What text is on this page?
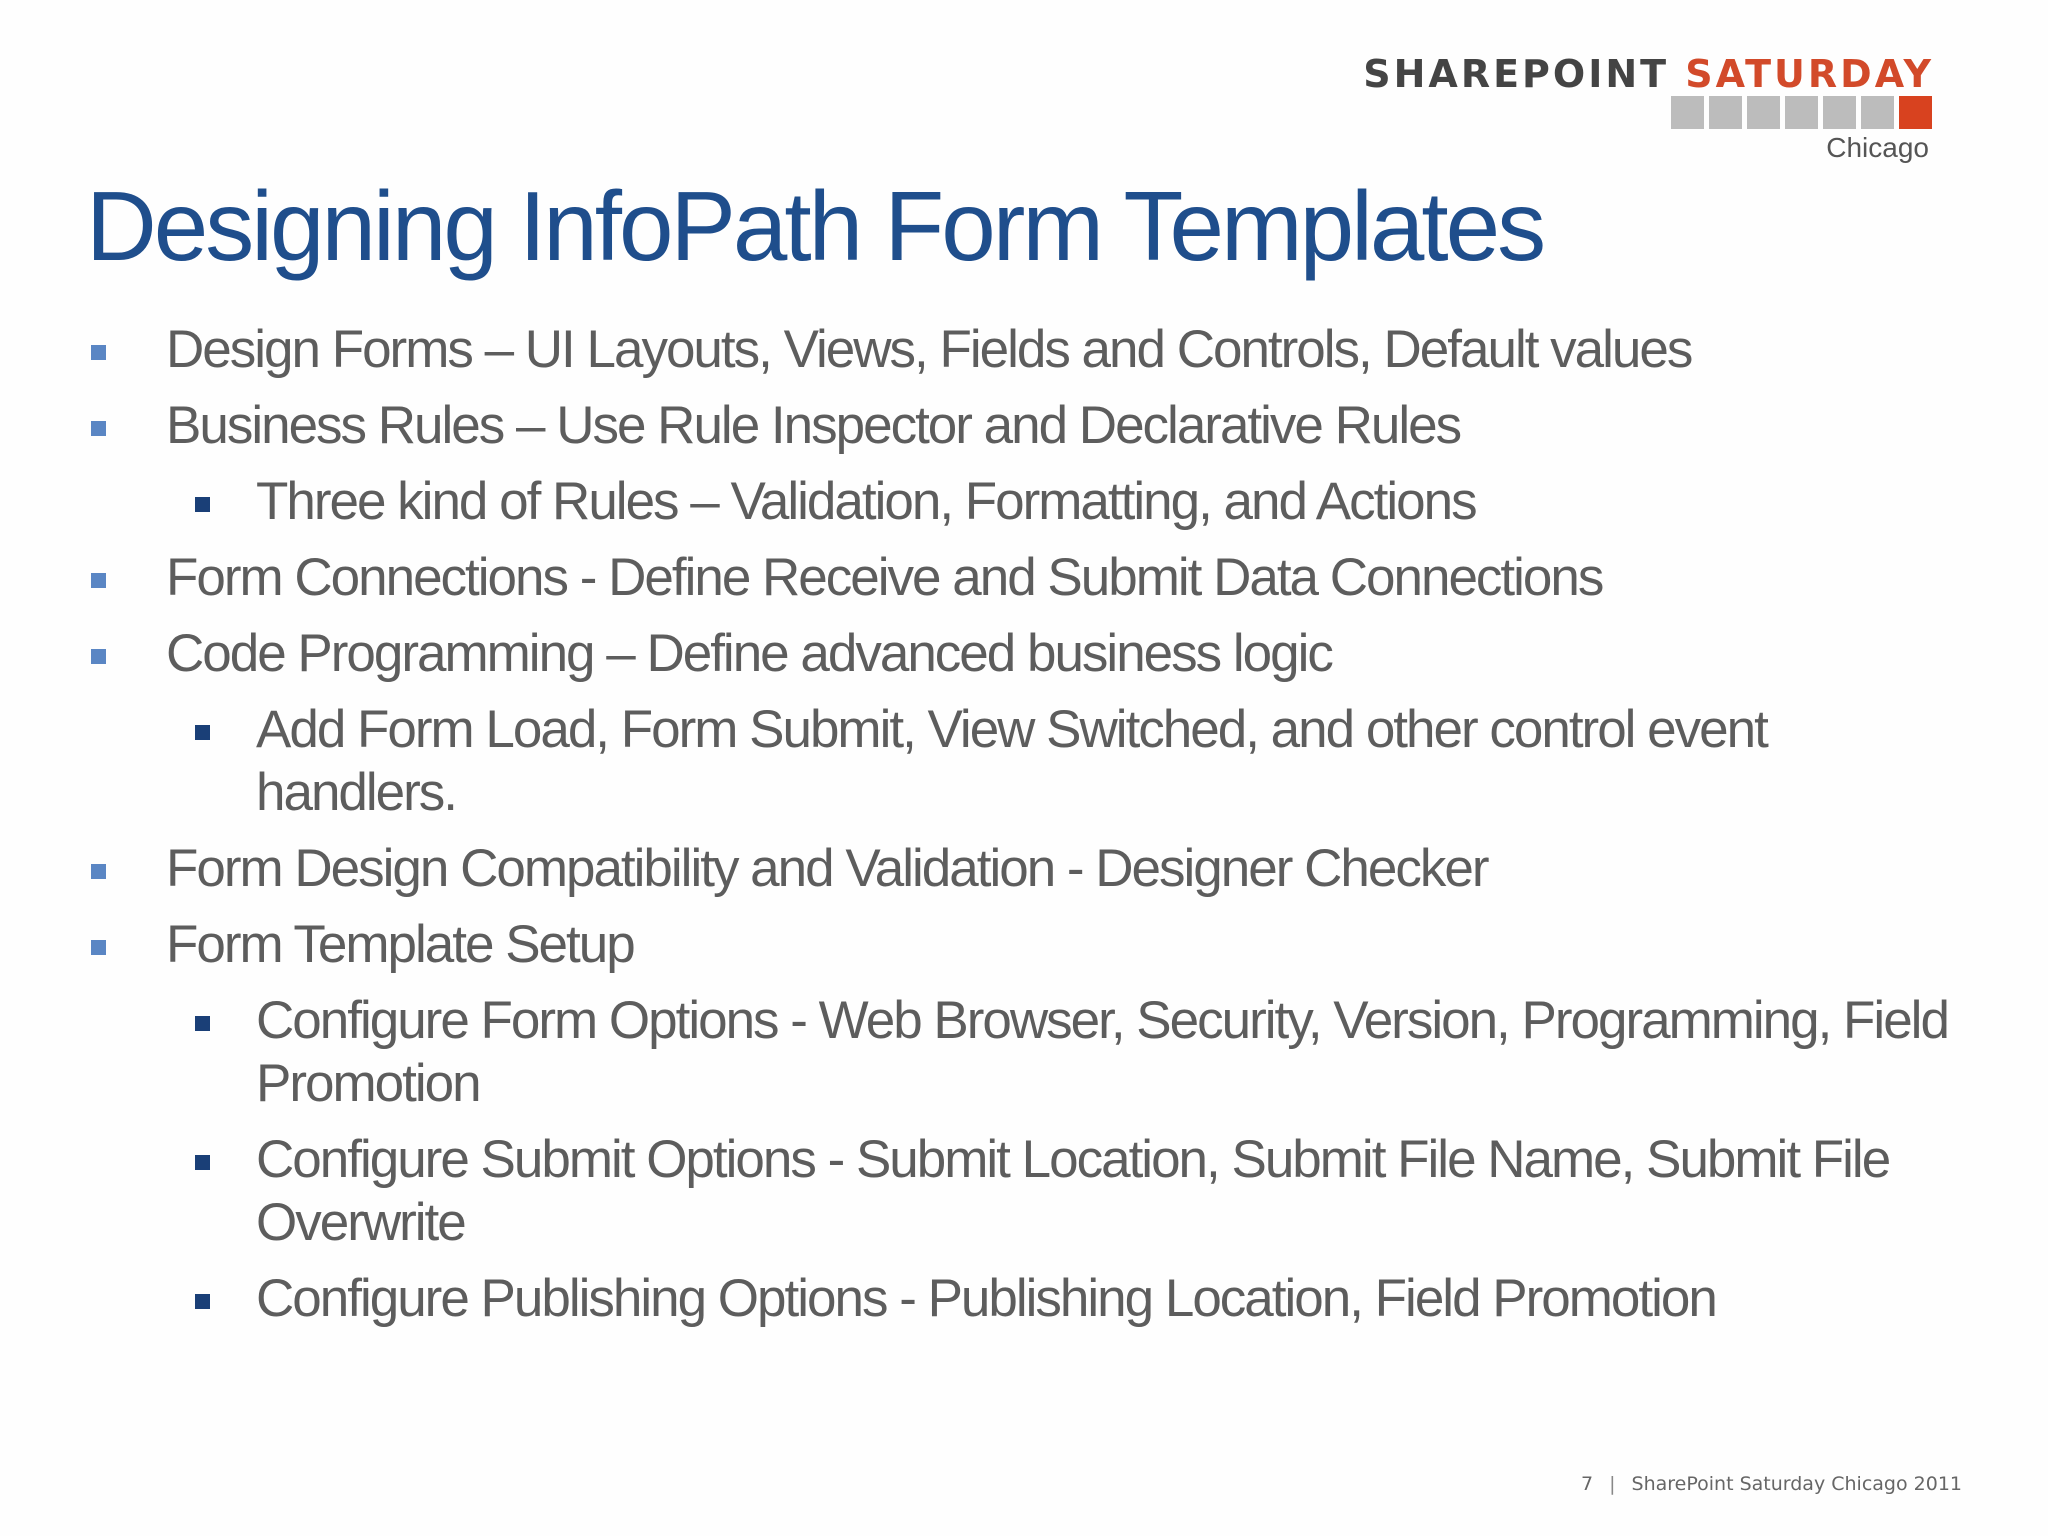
SHAREPOINT SATURDAY
Chicago
Designing InfoPath Form Templates
Design Forms – UI Layouts, Views, Fields and Controls, Default values
Business Rules – Use Rule Inspector and Declarative Rules
Three kind of Rules – Validation, Formatting, and Actions
Form Connections - Define Receive and Submit Data Connections
Code Programming – Define advanced business logic
Add Form Load, Form Submit, View Switched, and other control event handlers.
Form Design Compatibility and Validation - Designer Checker
Form Template Setup
Configure Form Options - Web Browser, Security, Version, Programming, Field Promotion
Configure Submit Options - Submit Location, Submit File Name, Submit File Overwrite
Configure Publishing Options - Publishing Location, Field Promotion
7 | SharePoint Saturday Chicago 2011
